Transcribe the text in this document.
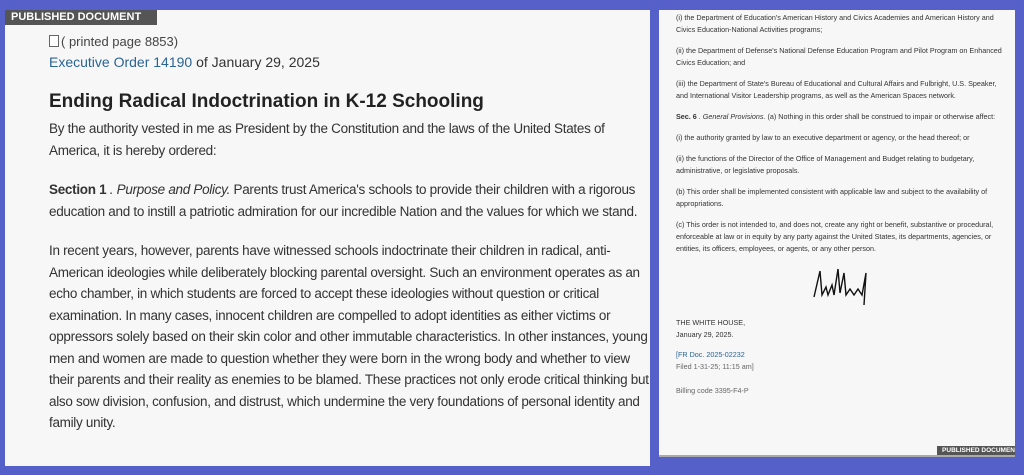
PUBLISHED DOCUMENT

( printed page 8853)

Executive Order 14190 of January 29, 2025

Ending Radical Indoctrination in K-12 Schooling

By the authority vested in me as President by the Constitution and the laws of the United States of America, it is hereby ordered:

Section 1 . Purpose and Policy. Parents trust America's schools to provide their children with a rigorous education and to instill a patriotic admiration for our incredible Nation and the values for which we stand.

In recent years, however, parents have witnessed schools indoctrinate their children in radical, anti-American ideologies while deliberately blocking parental oversight. Such an environment operates as an echo chamber, in which students are forced to accept these ideologies without question or critical examination. In many cases, innocent children are compelled to adopt identities as either victims or oppressors solely based on their skin color and other immutable characteristics. In other instances, young men and women are made to question whether they were born in the wrong body and whether to view their parents and their reality as enemies to be blamed. These practices not only erode critical thinking but also sow division, confusion, and distrust, which undermine the very foundations of personal identity and family unity.

(i) the Department of Education's American History and Civics Academies and American History and Civics Education-National Activities programs;

(ii) the Department of Defense's National Defense Education Program and Pilot Program on Enhanced Civics Education; and

(iii) the Department of State's Bureau of Educational and Cultural Affairs and Fulbright, U.S. Speaker, and International Visitor Leadership programs, as well as the American Spaces network.

Sec. 6 . General Provisions. (a) Nothing in this order shall be construed to impair or otherwise affect:

(i) the authority granted by law to an executive department or agency, or the head thereof; or

(ii) the functions of the Director of the Office of Management and Budget relating to budgetary, administrative, or legislative proposals.

(b) This order shall be implemented consistent with applicable law and subject to the availability of appropriations.

(c) This order is not intended to, and does not, create any right or benefit, substantive or procedural, enforceable at law or in equity by any party against the United States, its departments, agencies, or entities, its officers, employees, or agents, or any other person.

THE WHITE HOUSE,
January 29, 2025.
[FR Doc. 2025-02232
Filed 1-31-25; 11:15 am]
Billing code 3395-F4-P
PUBLISHED DOCUMEN
